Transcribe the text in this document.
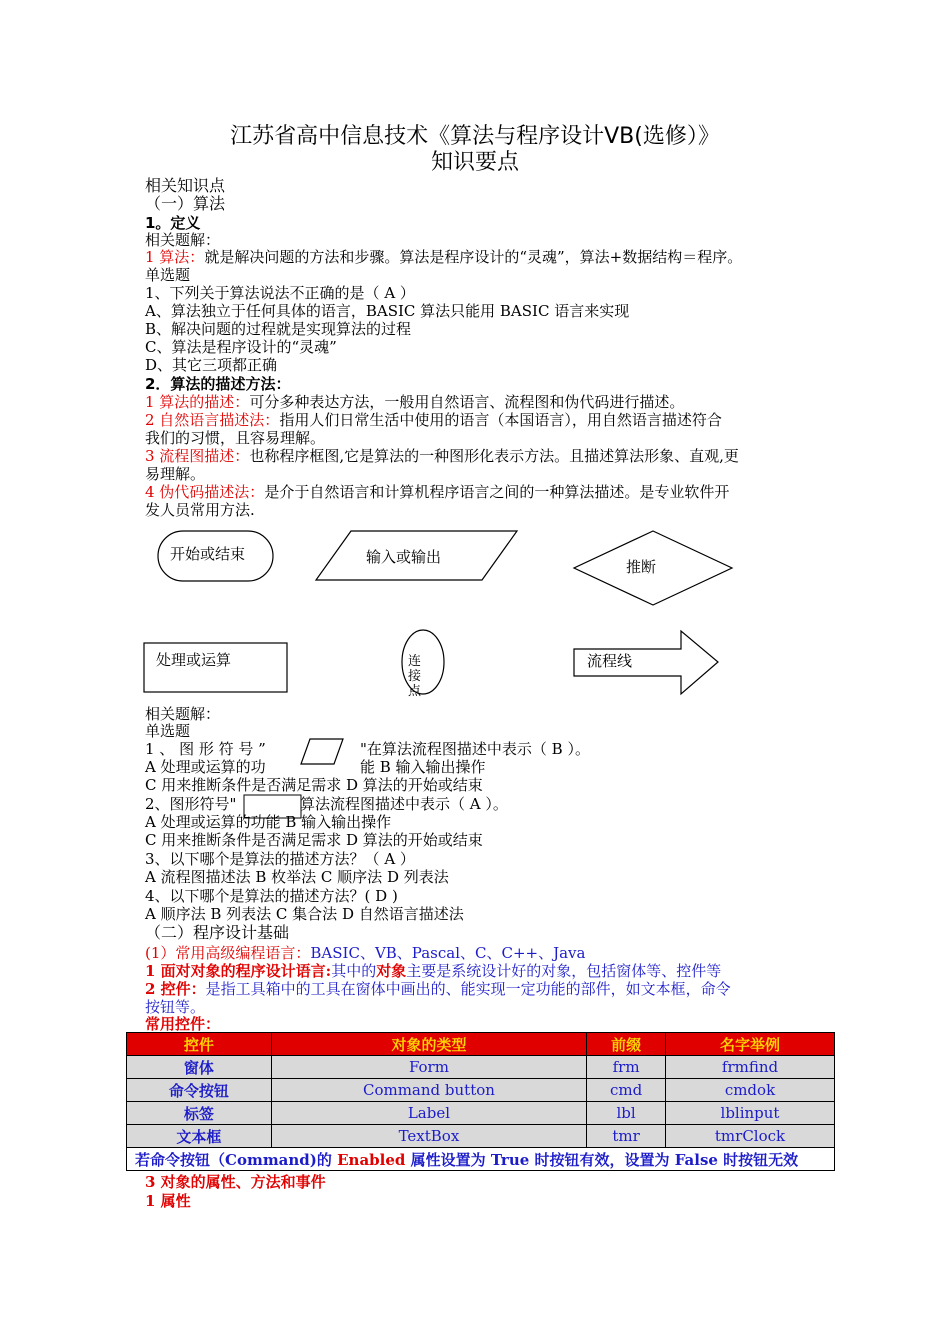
江苏省高中信息技术《算法与程序设计VB(选修）》
知识要点
相关知识点
（一）算法
1。定义
相关题解：
1 算法：就是解决问题的方法和步骤。算法是程序设计的“灵魂”，算法+数据结构＝程序。
单选题
1、下列关于算法说法不正确的是（ A ）
A、算法独立于任何具体的语言，BASIC 算法只能用 BASIC 语言来实现
B、解决问题的过程就是实现算法的过程
C、算法是程序设计的“灵魂”
D、其它三项都正确
2．算法的描述方法：
1 算法的描述：可分多种表达方法，一般用自然语言、流程图和伪代码进行描述。
2 自然语言描述法：指用人们日常生活中使用的语言（本国语言），用自然语言描述符合
我们的习惯，且容易理解。
3 流程图描述：也称程序框图,它是算法的一种图形化表示方法。且描述算法形象、直观,更
易理解。
4 伪代码描述法：是介于自然语言和计算机程序语言之间的一种算法描述。是专业软件开
发人员常用方法.
开始或结束	输入或输出
推断
处理或运算	连
接
点
流程线
相关题解：
单选题
1 、 图 形 符 号 ”	"在算法流程图描述中表示（ B ）。
A 处理或运算的功	能 B 输入输出操作
C 用来推断条件是否满足需求 D 算法的开始或结束
2、图形符号"	算法流程图描述中表示（ A ）。
A 处理或运算的功能 B 输入输出操作
C 用来推断条件是否满足需求 D 算法的开始或结束
3、以下哪个是算法的描述方法？（ A ）
A 流程图描述法 B 枚举法 C 顺序法 D 列表法
4、以下哪个是算法的描述方法？( D )
A 顺序法 B 列表法 C 集合法 D 自然语言描述法
（二）程序设计基础
(1）常用高级编程语言：BASIC、VB、Pascal、C、C++、Java
1 面对对象的程序设计语言:其中的对象主要是系统设计好的对象，包括窗体等、控件等
2 控件：是指工具箱中的工具在窗体中画出的、能实现一定功能的部件，如文本框，命令
按钮等。
常用控件：
控件	对象的类型	前缀	名字举例
窗体	Form	frm	frmfind
命令按钮	Command button	cmd	cmdok
标签	Label	lbl	lblinput
文本框	TextBox	tmr	tmrClock
若命令按钮（Command)的 Enabled 属性设置为 True 时按钮有效，设置为 False 时按钮无效			
3 对象的属性、方法和事件
1 属性
